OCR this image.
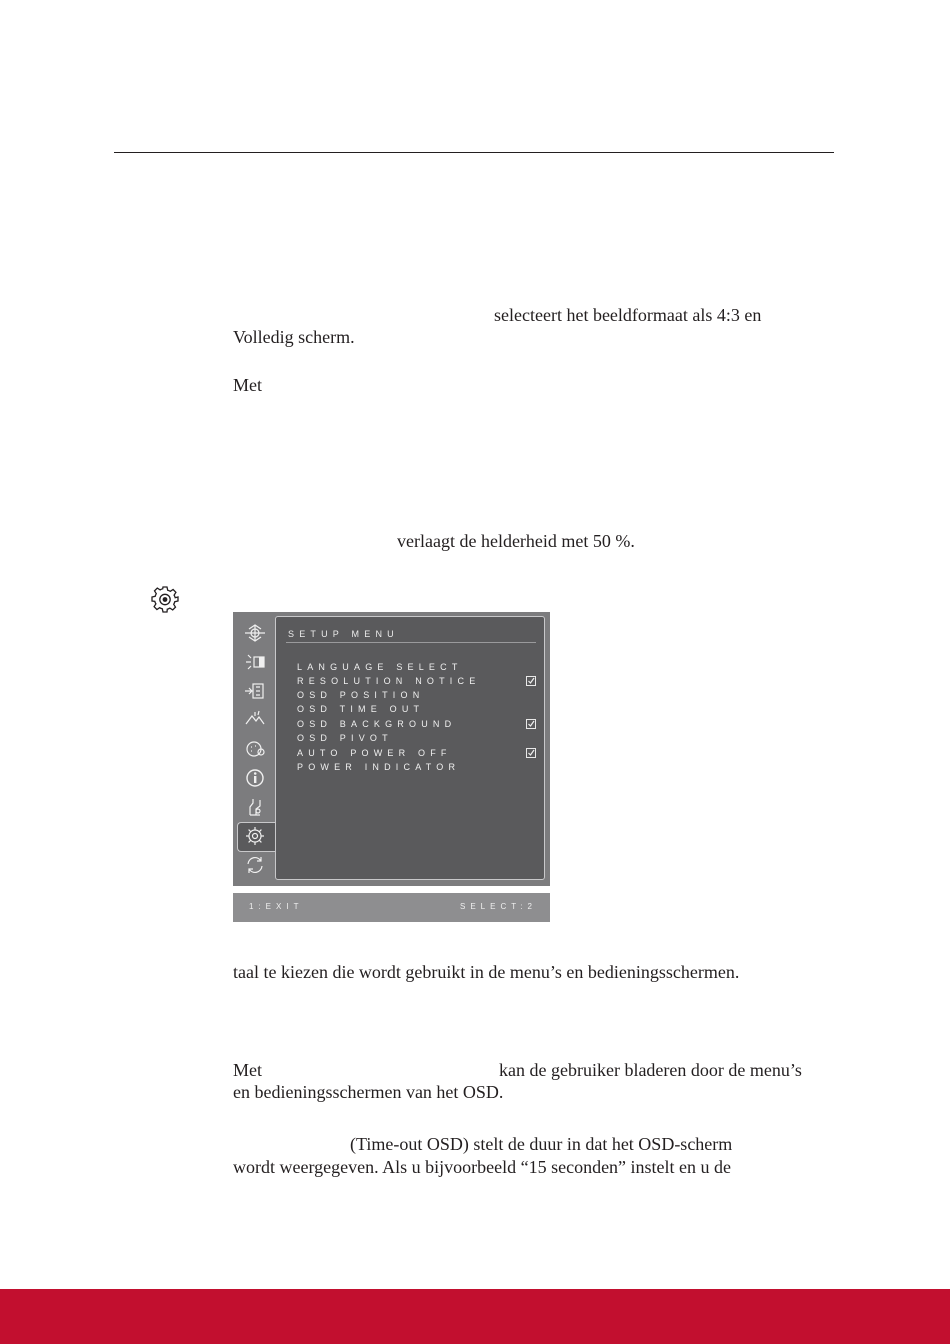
selecteert het beeldformaat als 4:3 en
Volledig scherm.
Met
verlaagt de helderheid met 50 %.
SETUP MENU
LANGUAGE SELECT
RESOLUTION NOTICE
OSD POSITION
OSD TIME OUT
OSD BACKGROUND
OSD PIVOT
AUTO POWER OFF
POWER INDICATOR
1:EXIT	SELECT:2
taal te kiezen die wordt gebruikt in de menu’s en bedieningsschermen.
Met	kan de gebruiker bladeren door de menu’s
en bedieningsschermen van het OSD.
(Time-out OSD) stelt de duur in dat het OSD-scherm
wordt weergegeven. Als u bijvoorbeeld “15 seconden” instelt en u de
